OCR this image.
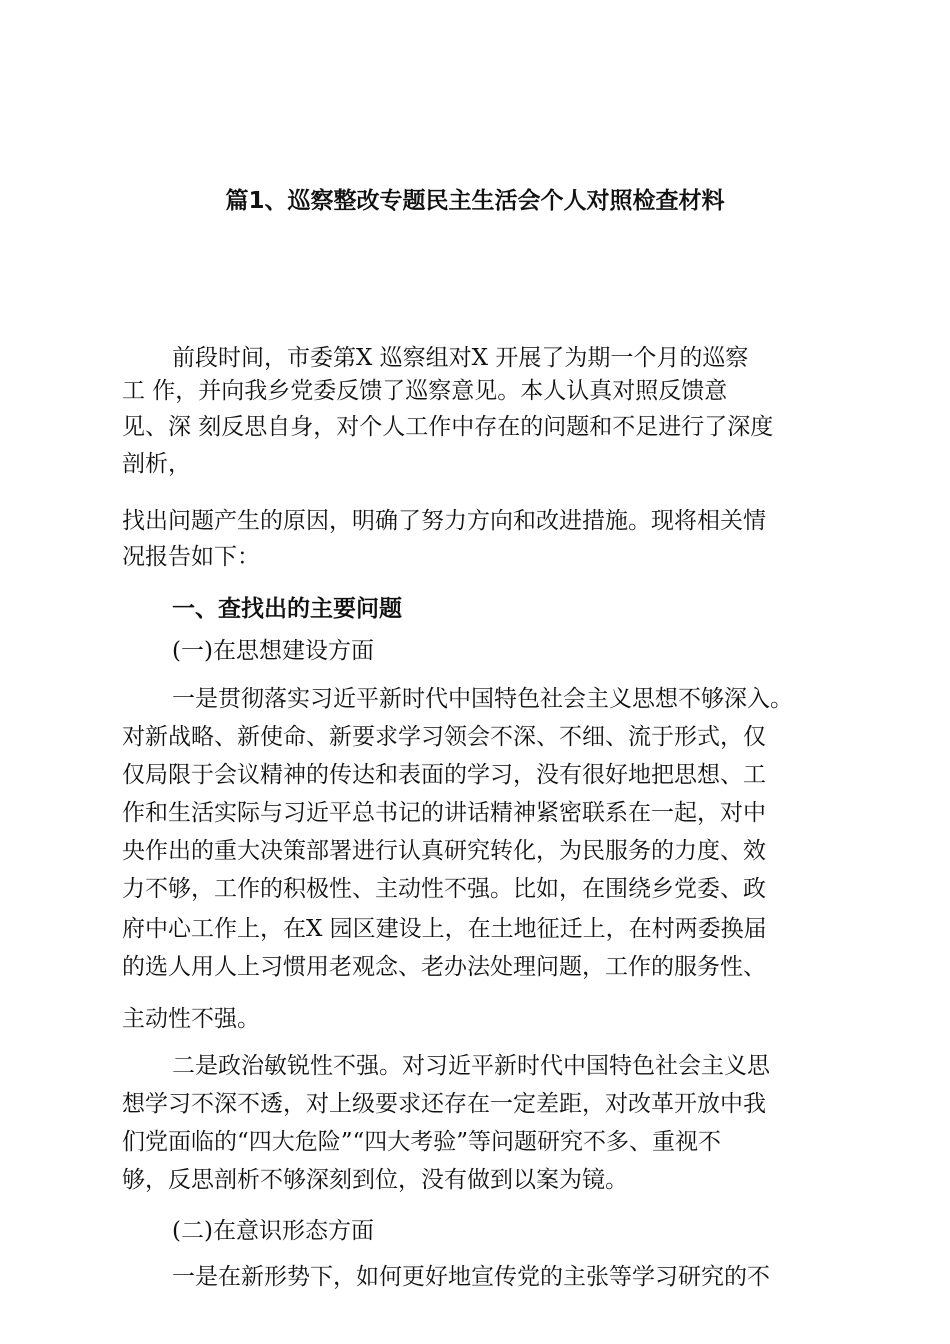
篇1、巡察整改专题民主生活会个人对照检查材料

前段时间，市委第X 巡察组对X 开展了为期一个月的巡察

工 作，并向我乡党委反馈了巡察意见。本人认真对照反馈意

见、深 刻反思自身，对个人工作中存在的问题和不足进行了深度

剖析，

找出问题产生的原因，明确了努力方向和改进措施。现将相关情

况报告如下：

一、查找出的主要问题

(一)在思想建设方面

一是贯彻落实习近平新时代中国特色社会主义思想不够深入。

对新战略、新使命、新要求学习领会不深、不细、流于形式，仅

仅局限于会议精神的传达和表面的学习，没有很好地把思想、工

作和生活实际与习近平总书记的讲话精神紧密联系在一起，对中

央作出的重大决策部署进行认真研究转化，为民服务的力度、效

力不够，工作的积极性、主动性不强。比如，在围绕乡党委、政

府中心工作上，在X 园区建设上，在土地征迁上，在村两委换届

的选人用人上习惯用老观念、老办法处理问题，工作的服务性、

主动性不强。

二是政治敏锐性不强。对习近平新时代中国特色社会主义思

想学习不深不透，对上级要求还存在一定差距，对改革开放中我

们党面临的“四大危险”“四大考验”等问题研究不多、重视不

够，反思剖析不够深刻到位，没有做到以案为镜。

(二)在意识形态方面

一是在新形势下，如何更好地宣传党的主张等学习研究的不
